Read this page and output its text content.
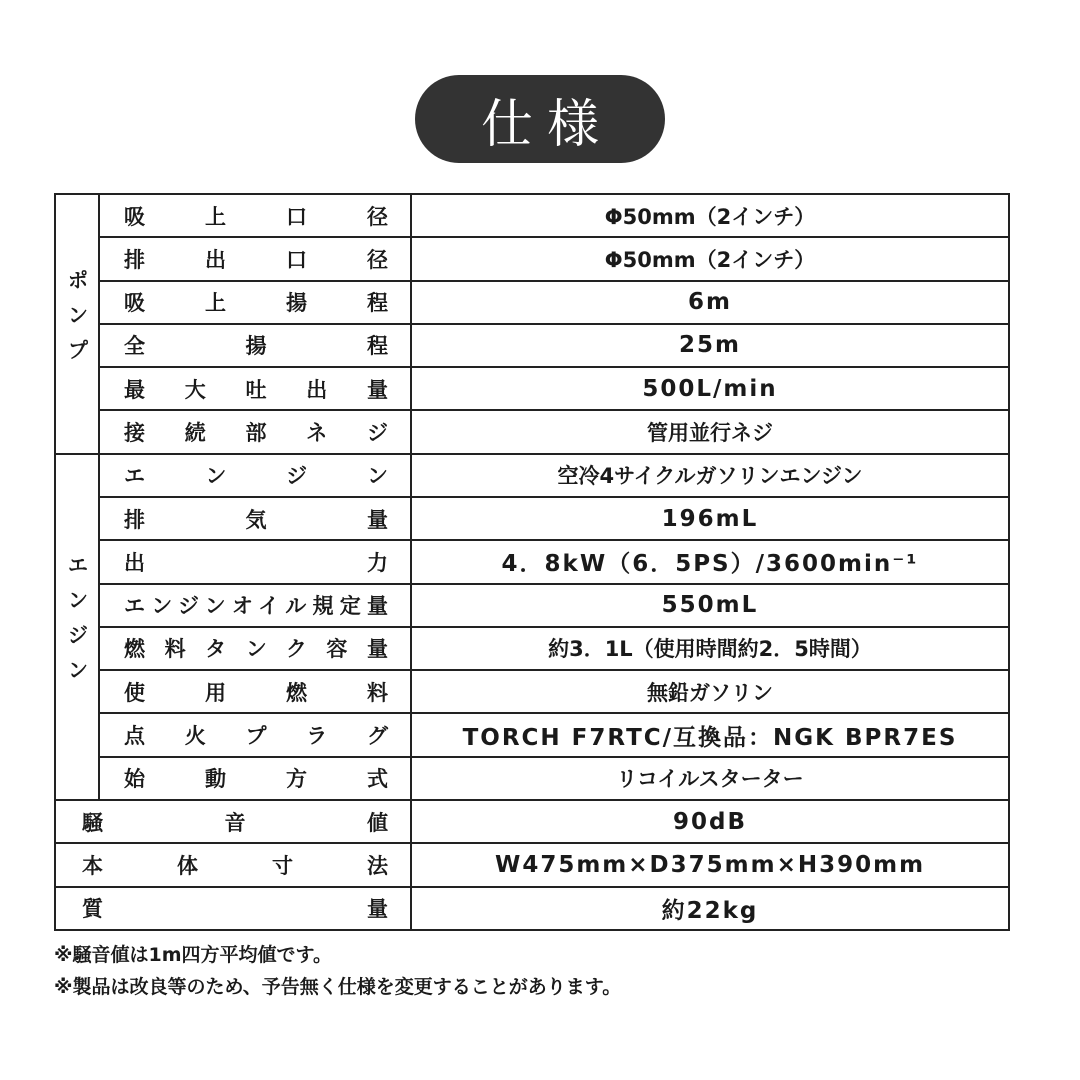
仕様
ポンプ	吸上口径	Φ50mm（2インチ）

	排出口径	Φ50mm（2インチ）

	吸上揚程	6m

	全揚程	25m

	最大吐出量	500L/min

	接続部ネジ	管用並行ネジ
エンジン	エンジン	空冷4サイクルガソリンエンジン

	排気量	196mL

	出力	4．8kW（6．5PS）/3600min⁻¹

	エンジンオイル規定量	550mL

	燃料タンク容量	約3．1L（使用時間約2．5時間）

	使用燃料	無鉛ガソリン

	点火プラグ	TORCH F7RTC/互換品：NGK BPR7ES

	始動方式	リコイルスターター

騒音値		90dB

本体寸法		W475mm×D375mm×H390mm

質量		約22kg
※騒音値は1m四方平均値です。
※製品は改良等のため、予告無く仕様を変更することがあります。
